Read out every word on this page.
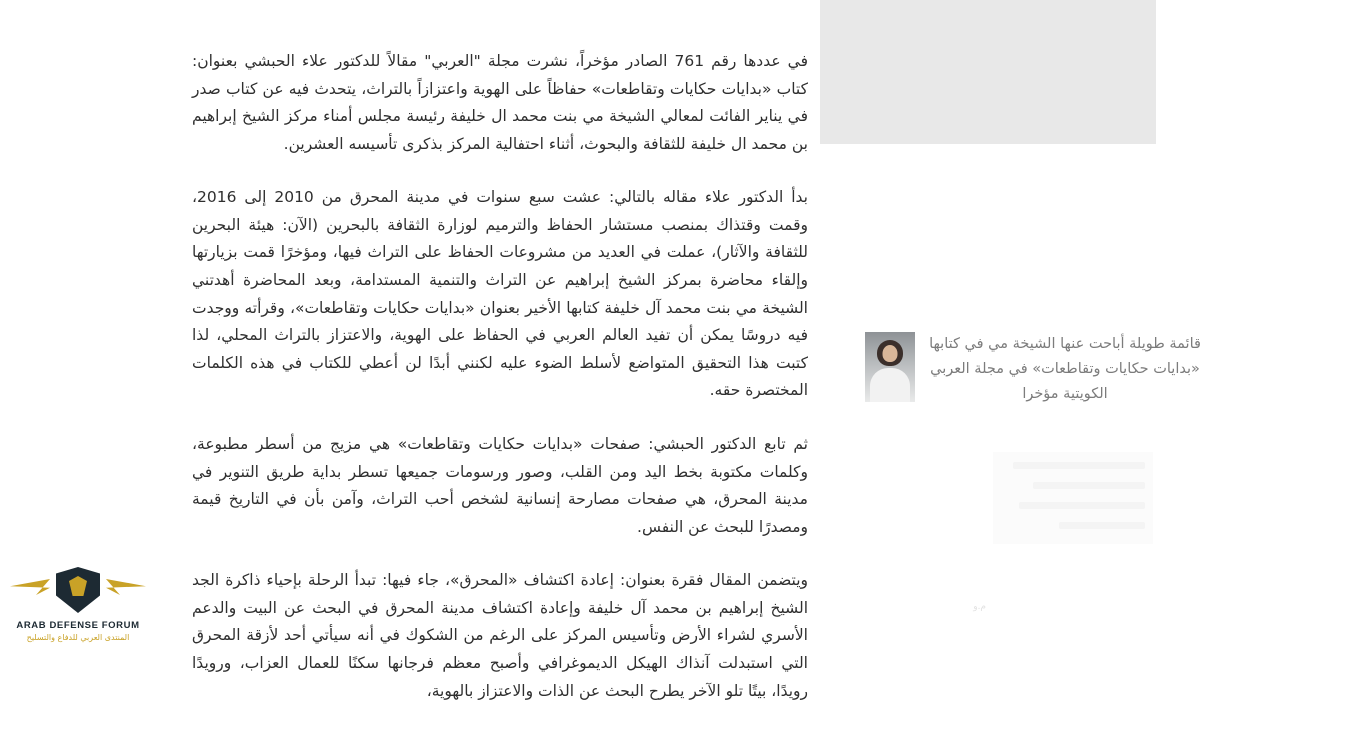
في عددها رقم 761 الصادر مؤخراً، نشرت مجلة "العربي" مقالاً للدكتور علاء الحبشي بعنوان: كتاب «بدايات حكايات وتقاطعات» حفاظاً على الهوية واعتزازاً بالتراث، يتحدث فيه عن كتاب صدر في يناير الفائت لمعالي الشيخة مي بنت محمد ال خليفة رئيسة مجلس أمناء مركز الشيخ إبراهيم بن محمد ال خليفة للثقافة والبحوث، أثناء احتفالية المركز بذكرى تأسيسه العشرين.

بدأ الدكتور علاء مقاله بالتالي: عشت سبع سنوات في مدينة المحرق من 2010 إلى 2016، وقمت وقتذاك بمنصب مستشار الحفاظ والترميم لوزارة الثقافة بالبحرين (الآن: هيئة البحرين للثقافة والآثار)، عملت في العديد من مشروعات الحفاظ على التراث فيها، ومؤخرًا قمت بزيارتها وإلقاء محاضرة بمركز الشيخ إبراهيم عن التراث والتنمية المستدامة، وبعد المحاضرة أهدتني الشيخة مي بنت محمد آل خليفة كتابها الأخير بعنوان «بدايات حكايات وتقاطعات»، وقرأته ووجدت فيه دروسًا يمكن أن تفيد العالم العربي في الحفاظ على الهوية، والاعتزاز بالتراث المحلي، لذا كتبت هذا التحقيق المتواضع لأسلط الضوء عليه لكنني أبدًا لن أعطي للكتاب في هذه الكلمات المختصرة حقه.

ثم تابع الدكتور الحبشي: صفحات «بدايات حكايات وتقاطعات» هي مزيج من أسطر مطبوعة، وكلمات مكتوبة بخط اليد ومن القلب، وصور ورسومات جميعها تسطر بداية طريق التنوير في مدينة المحرق، هي صفحات مصارحة إنسانية لشخص أحب التراث، وآمن بأن في التاريخ قيمة ومصدرًا للبحث عن النفس.

ويتضمن المقال فقرة بعنوان: إعادة اكتشاف «المحرق»، جاء فيها: تبدأ الرحلة بإحياء ذاكرة الجد الشيخ إبراهيم بن محمد آل خليفة وإعادة اكتشاف مدينة المحرق في البحث عن البيت والدعم الأسري لشراء الأرض وتأسيس المركز على الرغم من الشكوك في أنه سيأتي أحد لأزقة المحرق التي استبدلت آنذاك الهيكل الديموغرافي وأصبح معظم فرجانها سكنًا للعمال العزاب، ورويدًا رويدًا، بيتًا تلو الآخر يطرح البحث عن الذات والاعتزاز بالهوية،

قائمة طويلة أباحت عنها الشيخة مي في كتابها «بدايات حكايات وتقاطعات» في مجلة العربي الكويتية مؤخرا
م.و
ARAB DEFENSE FORUM
المنتدى العربي للدفاع والتسليح
